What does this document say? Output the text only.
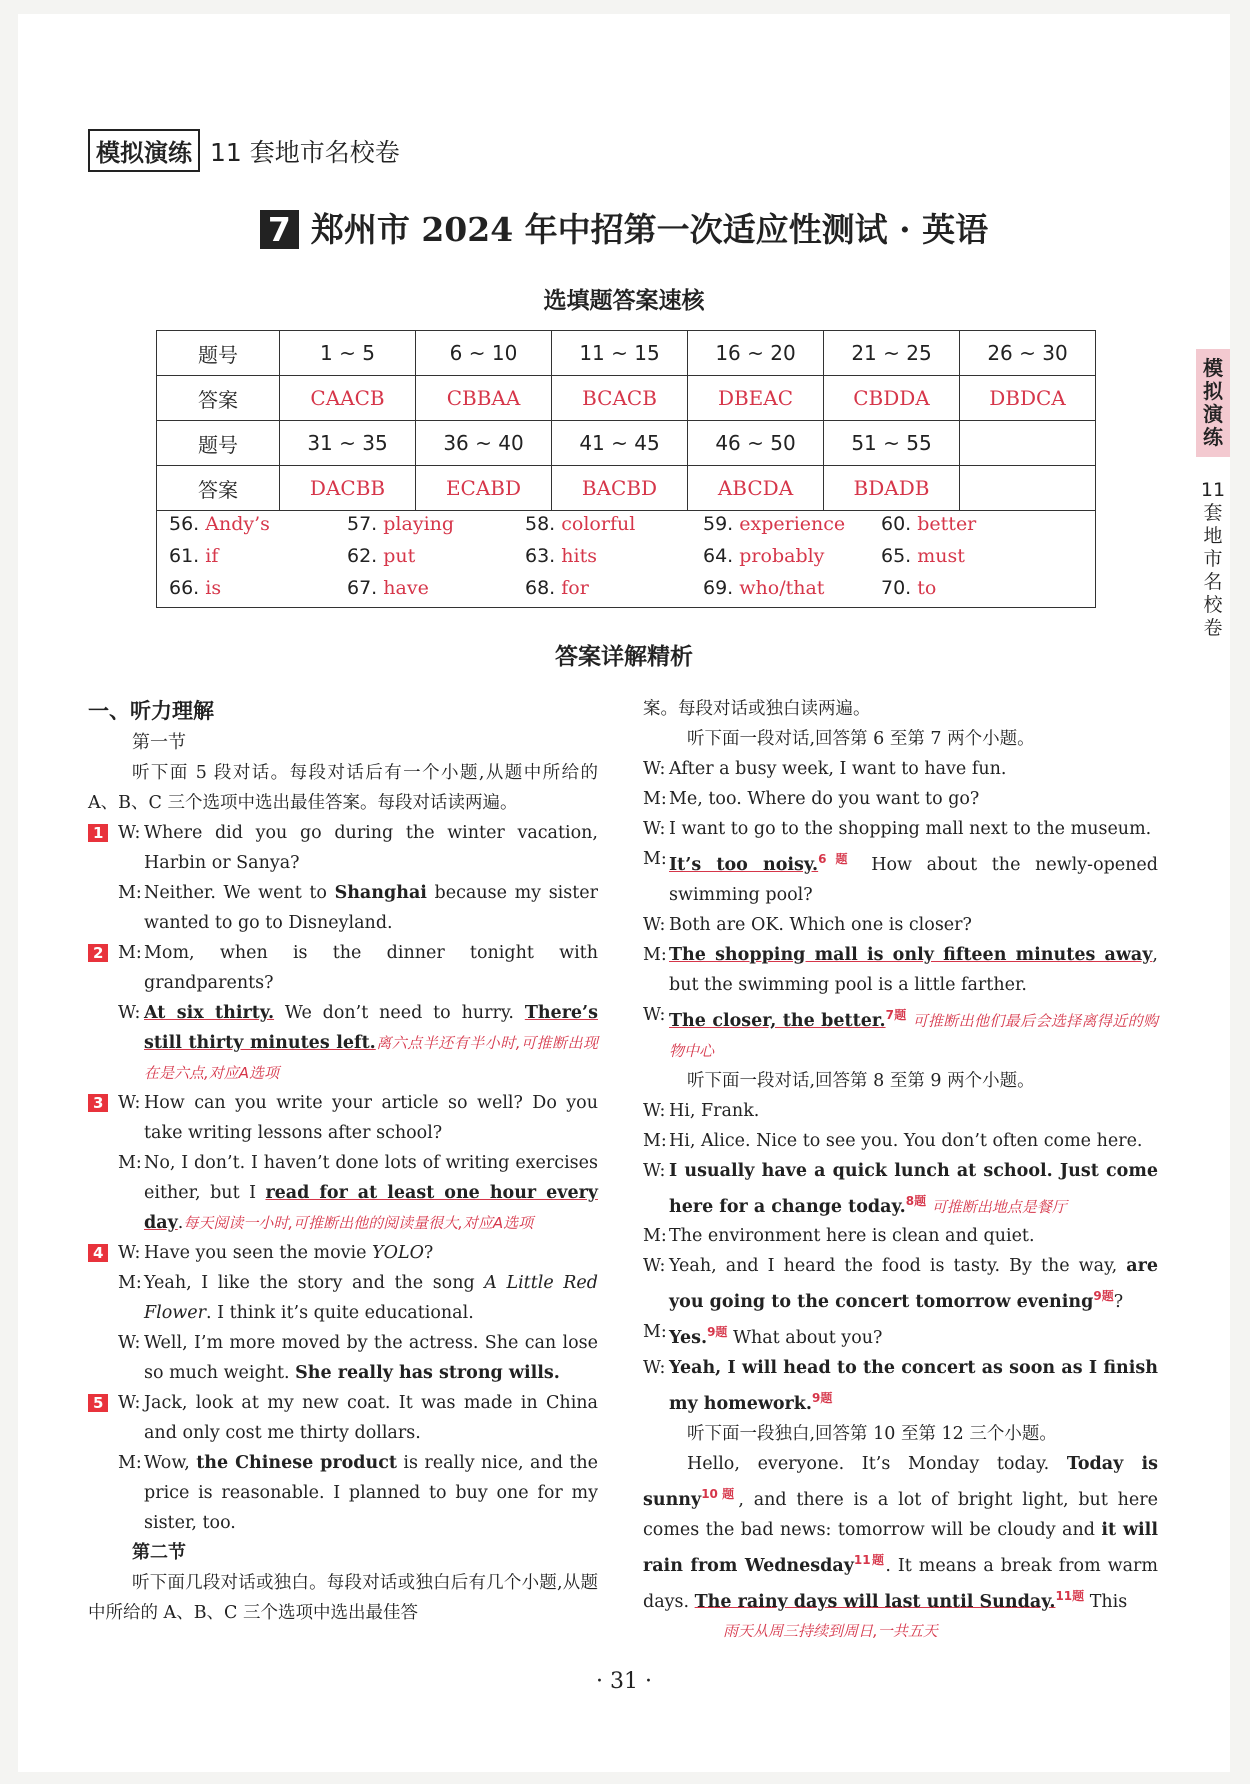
模拟演练 11 套地市名校卷
7 郑州市 2024 年中招第一次适应性测试 · 英语
选填题答案速核
题号	1 ~ 5	6 ~ 10	11 ~ 15	16 ~ 20	21 ~ 25	26 ~ 30
答案	CAACB	CBBAA	BCACB	DBEAC	CBDDA	DBDCA
题号	31 ~ 35	36 ~ 40	41 ~ 45	46 ~ 50	51 ~ 55	
答案	DACBB	ECABD	BACBD	ABCDA	BDADB	
56. Andy’s	57. playing	58. colorful	59. experience	60. better
61. if	62. put	63. hits	64. probably	65. must
66. is	67. have	68. for	69. who/that	70. to
答案详解精析
模拟演练
11套地市名校卷
一、听力理解
第一节
听下面 5 段对话。每段对话后有一个小题,从题中所给的 A、B、C 三个选项中选出最佳答案。每段对话读两遍。
1 W: Where did you go during the winter vacation, Harbin or Sanya?
M: Neither. We went to Shanghai because my sister wanted to go to Disneyland.
2 M: Mom, when is the dinner tonight with grandparents?
W: At six thirty. We don’t need to hurry. There’s still thirty minutes left.离六点半还有半小时,可推断出现在是六点,对应A选项
3 W: How can you write your article so well? Do you take writing lessons after school?
M: No, I don’t. I haven’t done lots of writing exercises either, but I read for at least one hour every day.每天阅读一小时,可推断出他的阅读量很大,对应A选项
4 W: Have you seen the movie YOLO?
M: Yeah, I like the story and the song A Little Red Flower. I think it’s quite educational.
W: Well, I’m more moved by the actress. She can lose so much weight. She really has strong wills.
5 W: Jack, look at my new coat. It was made in China and only cost me thirty dollars.
M: Wow, the Chinese product is really nice, and the price is reasonable. I planned to buy one for my sister, too.
第二节
听下面几段对话或独白。每段对话或独白后有几个小题,从题中所给的 A、B、C 三个选项中选出最佳答
案。每段对话或独白读两遍。
听下面一段对话,回答第 6 至第 7 两个小题。
W: After a busy week, I want to have fun.
M: Me, too. Where do you want to go?
W: I want to go to the shopping mall next to the museum.
M: It’s too noisy.$^{6题}$ How about the newly-opened swimming pool?
W: Both are OK. Which one is closer?
M: The shopping mall is only fifteen minutes away, but the swimming pool is a little farther.
W: The closer, the better.$^{7题}$ 可推断出他们最后会选择离得近的购物中心
听下面一段对话,回答第 8 至第 9 两个小题。
W: Hi, Frank.
M: Hi, Alice. Nice to see you. You don’t often come here.
W: I usually have a quick lunch at school. Just come here for a change today.$^{8题}$ 可推断出地点是餐厅
M: The environment here is clean and quiet.
W: Yeah, and I heard the food is tasty. By the way, are you going to the concert tomorrow evening$^{9题}$?
M: Yes.$^{9题}$ What about you?
W: Yeah, I will head to the concert as soon as I finish my homework.$^{9题}$
听下面一段独白,回答第 10 至第 12 三个小题。
Hello, everyone. It’s Monday today. Today is sunny$^{10题}$, and there is a lot of bright light, but here comes the bad news: tomorrow will be cloudy and it will rain from Wednesday$^{11题}$. It means a break from warm days. The rainy days will last until Sunday.$^{11题}$ This
雨天从周三持续到周日,一共五天
· 31 ·
